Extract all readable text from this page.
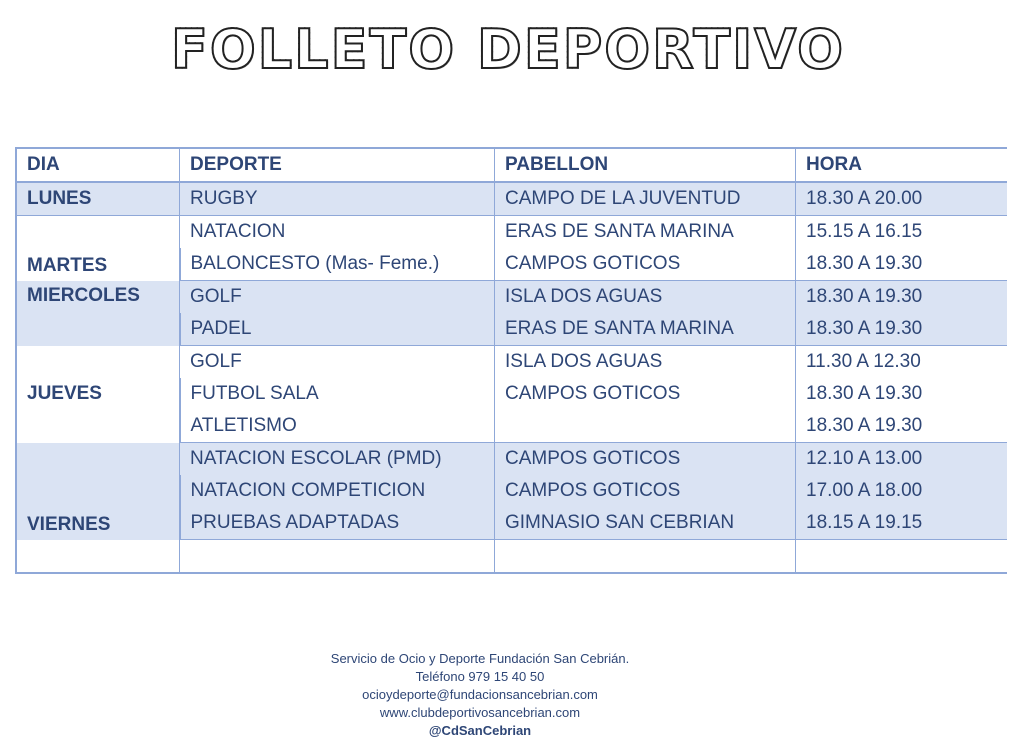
FOLLETO DEPORTIVO
DIA	DEPORTE	PABELLON	HORA
LUNES	RUGBY	CAMPO DE LA JUVENTUD	18.30 A 20.00
MARTES	NATACION	ERAS DE SANTA MARINA	15.15 A 16.15
	BALONCESTO (Mas- Feme.)	CAMPOS GOTICOS	18.30 A 19.30
MIERCOLES	GOLF	ISLA DOS AGUAS	18.30 A 19.30
	PADEL	ERAS DE SANTA MARINA	18.30 A 19.30
JUEVES	GOLF	ISLA DOS AGUAS	11.30 A 12.30
	FUTBOL SALA	CAMPOS GOTICOS	18.30 A 19.30
	ATLETISMO		18.30 A 19.30
VIERNES	NATACION ESCOLAR (PMD)	CAMPOS GOTICOS	12.10 A 13.00
	NATACION COMPETICION	CAMPOS GOTICOS	17.00 A 18.00
	PRUEBAS ADAPTADAS	GIMNASIO SAN CEBRIAN	18.15 A 19.15

Servicio de Ocio y Deporte Fundación San Cebrián.
Teléfono 979 15 40 50
ocioydeporte@fundacionsancebrian.com
www.clubdeportivosancebrian.com
@CdSanCebrian
